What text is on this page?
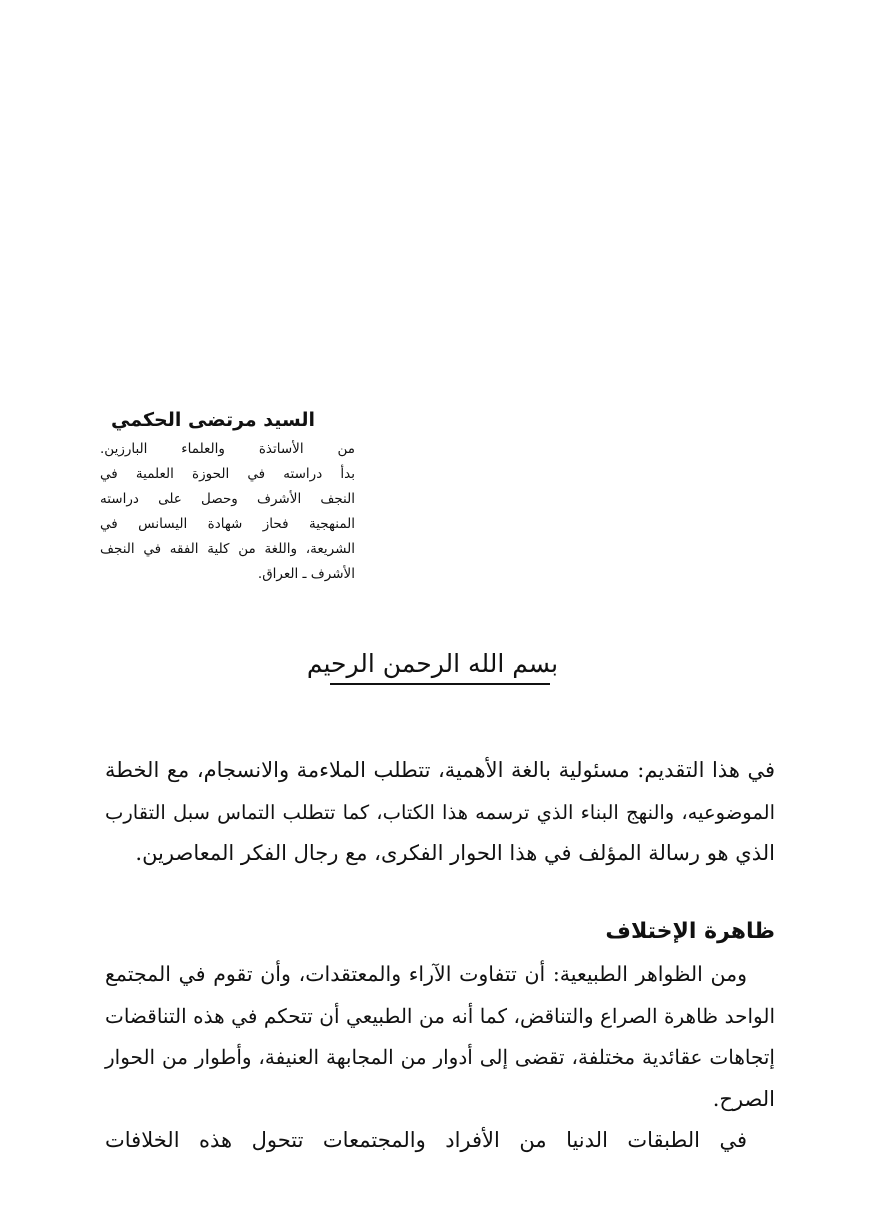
السيد مرتضى الحكمي
من الأساتذة والعلماء البارزين.
بدأ دراسته في الحوزة العلمية في
النجف الأشرف وحصل على دراسته
المنهجية فحاز شهادة اليسانس في
الشريعة، واللغة من كلية الفقه في النجف
الأشرف ـ العراق.
بسم الله الرحمن الرحيم
في هذا التقديم: مسئولية بالغة الأهمية، تتطلب الملاءمة والانسجام، مع الخطة
الموضوعيه، والنهج البناء الذي ترسمه هذا الكتاب، كما تتطلب التماس سبل التقارب
الذي هو رسالة المؤلف في هذا الحوار الفكرى، مع رجال الفكر المعاصرين.
ظاهرة الإختلاف
ومن الظواهر الطبيعية: أن تتفاوت الآراء والمعتقدات، وأن تقوم في المجتمع
الواحد ظاهرة الصراع والتناقض، كما أنه من الطبيعي أن تتحكم في هذه التناقضات
إتجاهات عقائدية مختلفة، تقضى إلى أدوار من المجابهة العنيفة، وأطوار من الحوار
الصرح.
في الطبقات الدنيا من الأفراد والمجتمعات تتحول هذه الخلافات
